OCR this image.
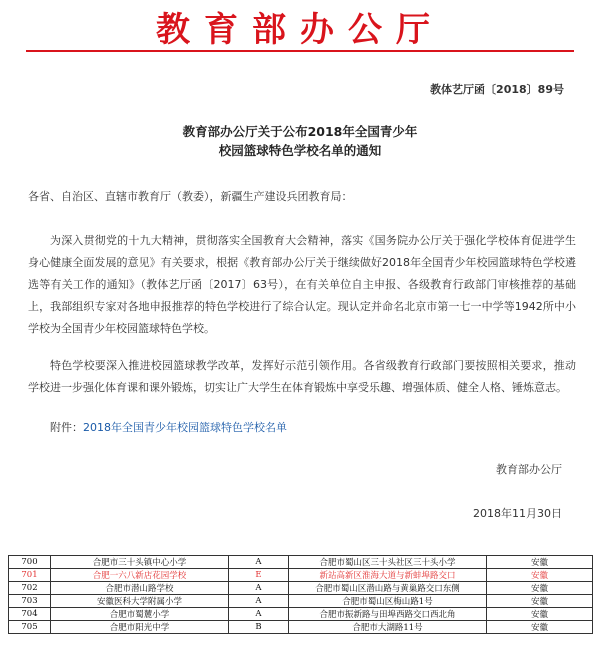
教育部办公厅
教体艺厅函〔2018〕89号
教育部办公厅关于公布2018年全国青少年
校园篮球特色学校名单的通知

各省、自治区、直辖市教育厅（教委），新疆生产建设兵团教育局：

为深入贯彻党的十九大精神，贯彻落实全国教育大会精神，落实《国务院办公厅关于强化学校体育促进学生身心健康全面发展的意见》有关要求，根据《教育部办公厅关于继续做好2018年全国青少年校园篮球特色学校遴选等有关工作的通知》（教体艺厅函〔2017〕63号），在有关单位自主申报、各级教育行政部门审核推荐的基础上，我部组织专家对各地申报推荐的特色学校进行了综合认定。现认定并命名北京市第一七一中学等1942所中小学校为全国青少年校园篮球特色学校。

特色学校要深入推进校园篮球教学改革，发挥好示范引领作用。各省级教育行政部门要按照相关要求，推动学校进一步强化体育课和课外锻炼，切实让广大学生在体育锻炼中享受乐趣、增强体质、健全人格、锤炼意志。

附件：2018年全国青少年校园篮球特色学校名单
教育部办公厅
2018年11月30日
700	合肥市三十头镇中心小学	A	合肥市蜀山区三十头社区三十头小学	安徽
701	合肥一六八新店花园学校	E	新站高新区淮海大道与新蚌埠路交口	安徽
702	合肥市潜山路学校	A	合肥市蜀山区潜山路与黄巢路交口东侧	安徽
703	安徽医科大学附属小学	A	合肥市蜀山区梅山路1号	安徽
704	合肥市蜀麓小学	A	合肥市振新路与田埠西路交口西北角	安徽
705	合肥市阳光中学	B	合肥市大湖路11号	安徽
